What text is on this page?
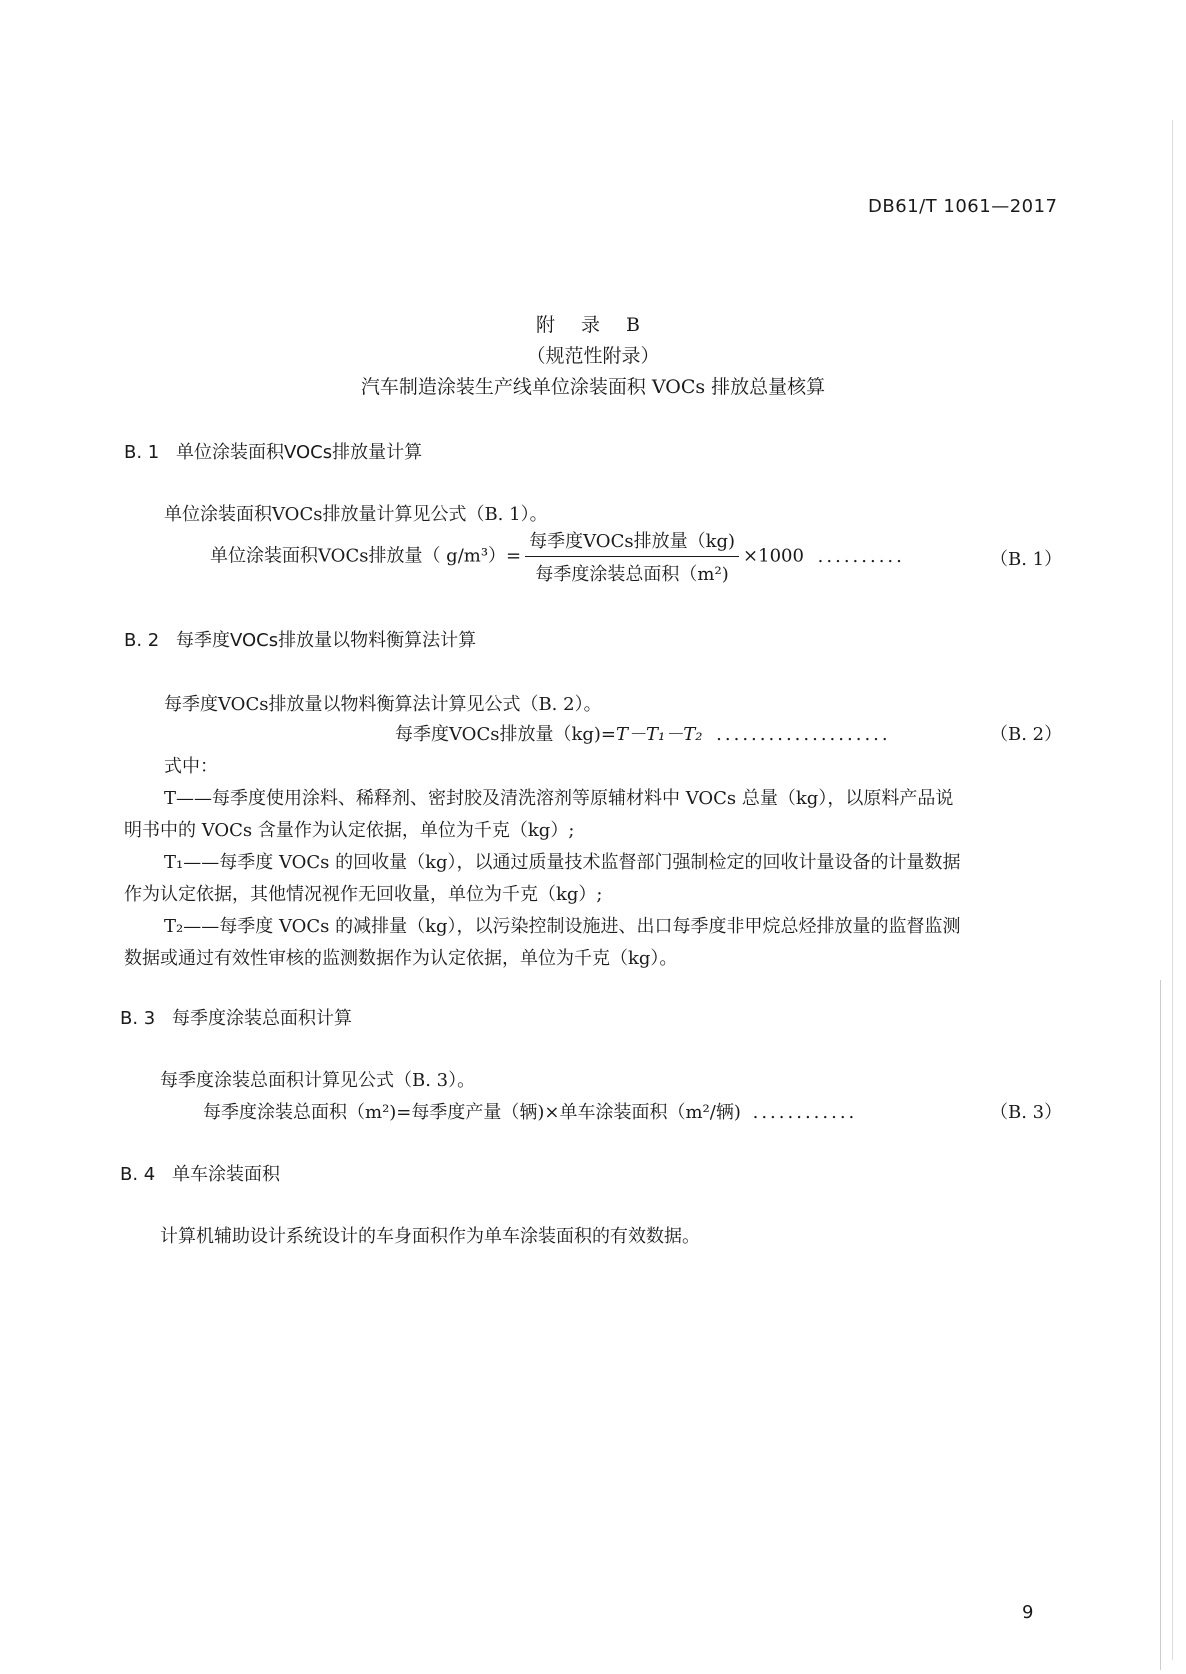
DB61/T 1061—2017
附 录 B
（规范性附录）
汽车制造涂装生产线单位涂装面积 VOCs 排放总量核算
B. 1 单位涂装面积VOCs排放量计算
单位涂装面积VOCs排放量计算见公式（B. 1）。
单位涂装面积VOCs排放量（ $g/m^3)= \frac{\text{每季度VOCs排放量（kg)}}{\text{每季度涂装总面积（m²)}} \times 1000$ ..........	（B. 1）
B. 2 每季度VOCs排放量以物料衡算法计算
每季度VOCs排放量以物料衡算法计算见公式（B. 2）。
每季度VOCs排放量（kg)=T－T₁－T₂ ....................	（B. 2）
式中：
T——每季度使用涂料、稀释剂、密封胶及清洗溶剂等原辅材料中 VOCs 总量（kg），以原料产品说
明书中的 VOCs 含量作为认定依据，单位为千克（kg）;
T₁——每季度 VOCs 的回收量（kg），以通过质量技术监督部门强制检定的回收计量设备的计量数据
作为认定依据，其他情况视作无回收量，单位为千克（kg）;
T₂——每季度 VOCs 的减排量（kg），以污染控制设施进、出口每季度非甲烷总烃排放量的监督监测
数据或通过有效性审核的监测数据作为认定依据，单位为千克（kg）。
B. 3 每季度涂装总面积计算
每季度涂装总面积计算见公式（B. 3）。
每季度涂装总面积（m²)=每季度产量（辆)×单车涂装面积（m²/辆) ............	（B. 3）
B. 4 单车涂装面积
计算机辅助设计系统设计的车身面积作为单车涂装面积的有效数据。
9
